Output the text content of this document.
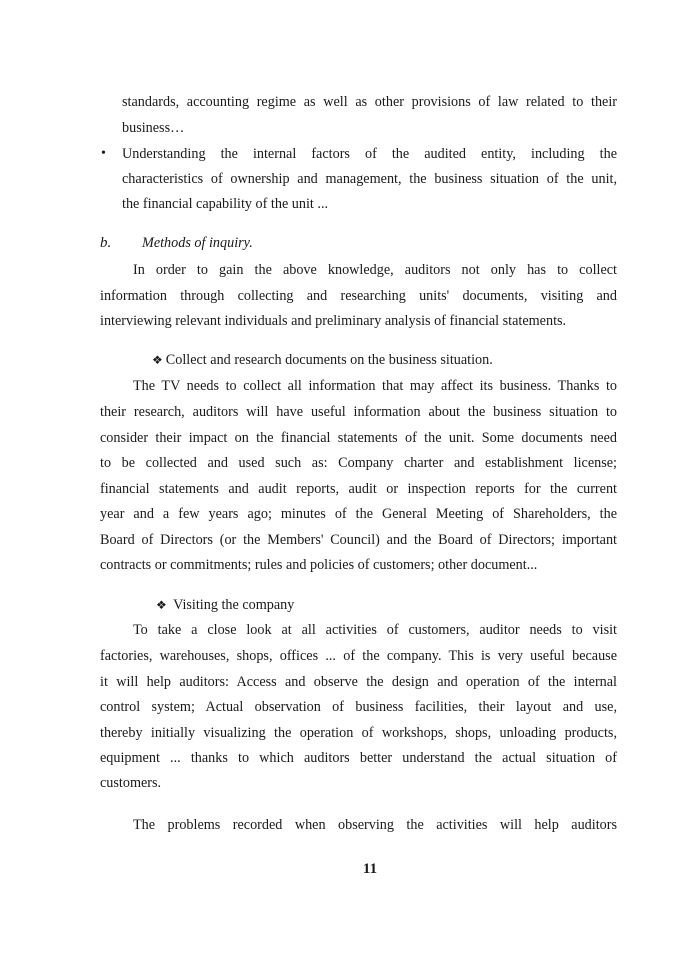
standards, accounting regime as well as other provisions of law related to their
business…
• Understanding the internal factors of the audited entity, including the
characteristics of ownership and management, the business situation of the unit,
the financial capability of the unit ...
b. Methods of inquiry.
In order to gain the above knowledge, auditors not only has to collect
information through collecting and researching units' documents, visiting and
interviewing relevant individuals and preliminary analysis of financial statements.
❖ Collect and research documents on the business situation.
The TV needs to collect all information that may affect its business. Thanks to
their research, auditors will have useful information about the business situation to
consider their impact on the financial statements of the unit. Some documents need
to be collected and used such as: Company charter and establishment license;
financial statements and audit reports, audit or inspection reports for the current
year and a few years ago; minutes of the General Meeting of Shareholders, the
Board of Directors (or the Members' Council) and the Board of Directors; important
contracts or commitments; rules and policies of customers; other document...
❖ Visiting the company
To take a close look at all activities of customers, auditor needs to visit
factories, warehouses, shops, offices ... of the company. This is very useful because
it will help auditors: Access and observe the design and operation of the internal
control system; Actual observation of business facilities, their layout and use,
thereby initially visualizing the operation of workshops, shops, unloading products,
equipment ... thanks to which auditors better understand the actual situation of
customers.
The problems recorded when observing the activities will help auditors
11
